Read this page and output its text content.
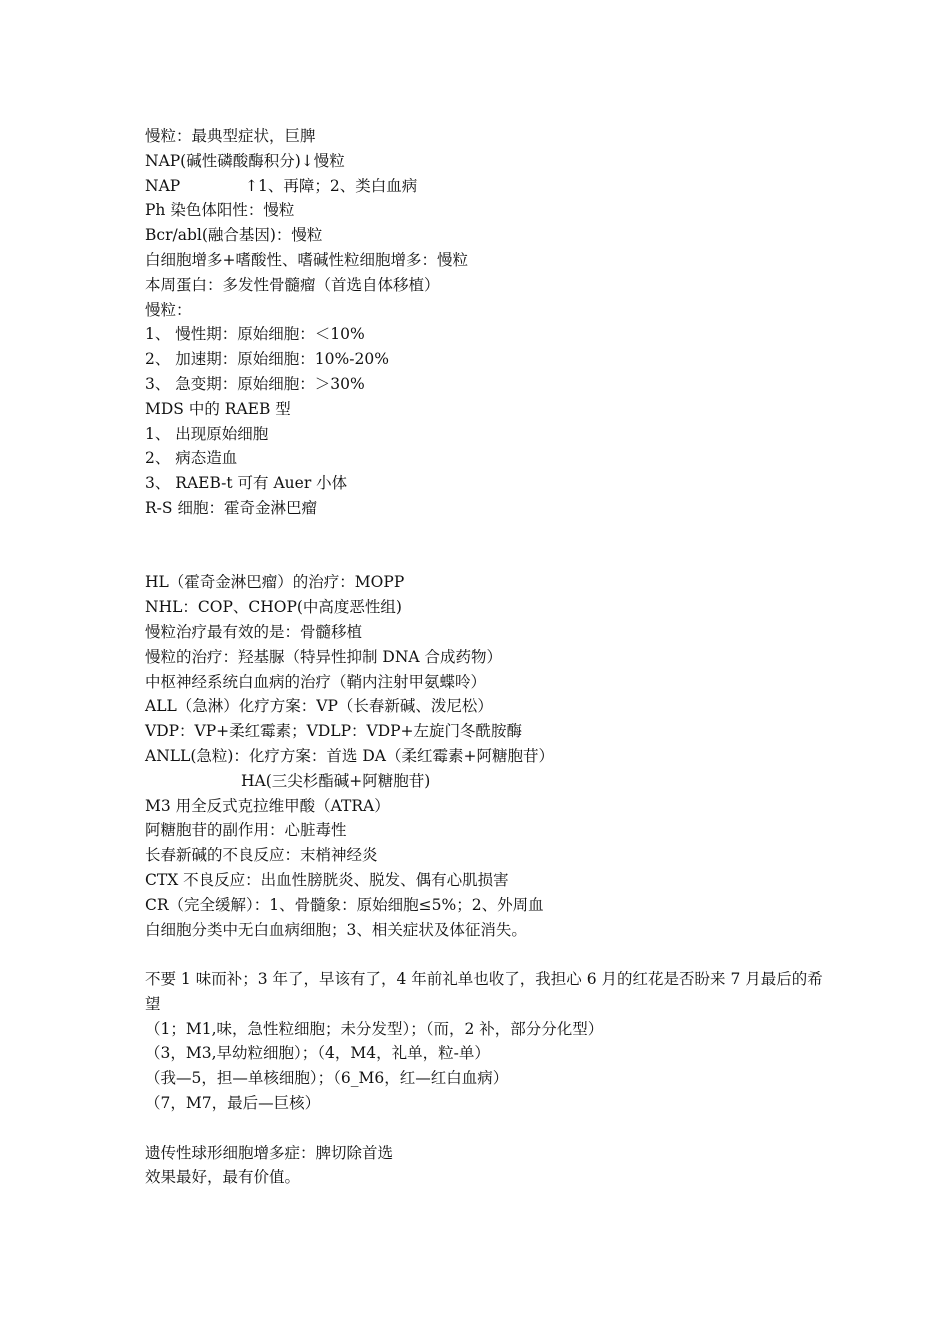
慢粒：最典型症状，巨脾
NAP(碱性磷酸酶积分)↓慢粒
NAP	↑1、再障；2、类白血病
Ph 染色体阳性：慢粒
Bcr/abl(融合基因)：慢粒
白细胞增多+嗜酸性、嗜碱性粒细胞增多：慢粒
本周蛋白：多发性骨髓瘤（首选自体移植）
慢粒：
1、 慢性期：原始细胞：＜10%
2、 加速期：原始细胞：10%-20%
3、 急变期：原始细胞：＞30%
MDS 中的 RAEB 型
1、 出现原始细胞
2、 病态造血
3、 RAEB-t 可有 Auer 小体
R-S 细胞：霍奇金淋巴瘤
HL（霍奇金淋巴瘤）的治疗：MOPP
NHL：COP、CHOP(中高度恶性组)
慢粒治疗最有效的是：骨髓移植
慢粒的治疗：羟基脲（特异性抑制 DNA 合成药物）
中枢神经系统白血病的治疗（鞘内注射甲氨蝶呤）
ALL（急淋）化疗方案：VP（长春新碱、泼尼松）
VDP：VP+柔红霉素；VDLP：VDP+左旋门冬酰胺酶
ANLL(急粒)：化疗方案：首选 DA（柔红霉素+阿糖胞苷）
HA(三尖杉酯碱+阿糖胞苷)
M3 用全反式克拉维甲酸（ATRA）
阿糖胞苷的副作用：心脏毒性
长春新碱的不良反应：末梢神经炎
CTX 不良反应：出血性膀胱炎、脱发、偶有心肌损害
CR（完全缓解）：1、骨髓象：原始细胞≤5%；2、外周血
白细胞分类中无白血病细胞；3、相关症状及体征消失。
不要 1 味而补；3 年了，早该有了，4 年前礼单也收了，我担心 6 月的红花是否盼来 7 月最后的希望
（1；M1,味，急性粒细胞；未分发型）；（而，2 补，部分分化型）
（3，M3,早幼粒细胞）；（4，M4，礼单，粒-单）
（我—5，担—单核细胞）；（6_M6，红—红白血病）
（7，M7，最后—巨核）
遗传性球形细胞增多症：脾切除首选
效果最好，最有价值。
